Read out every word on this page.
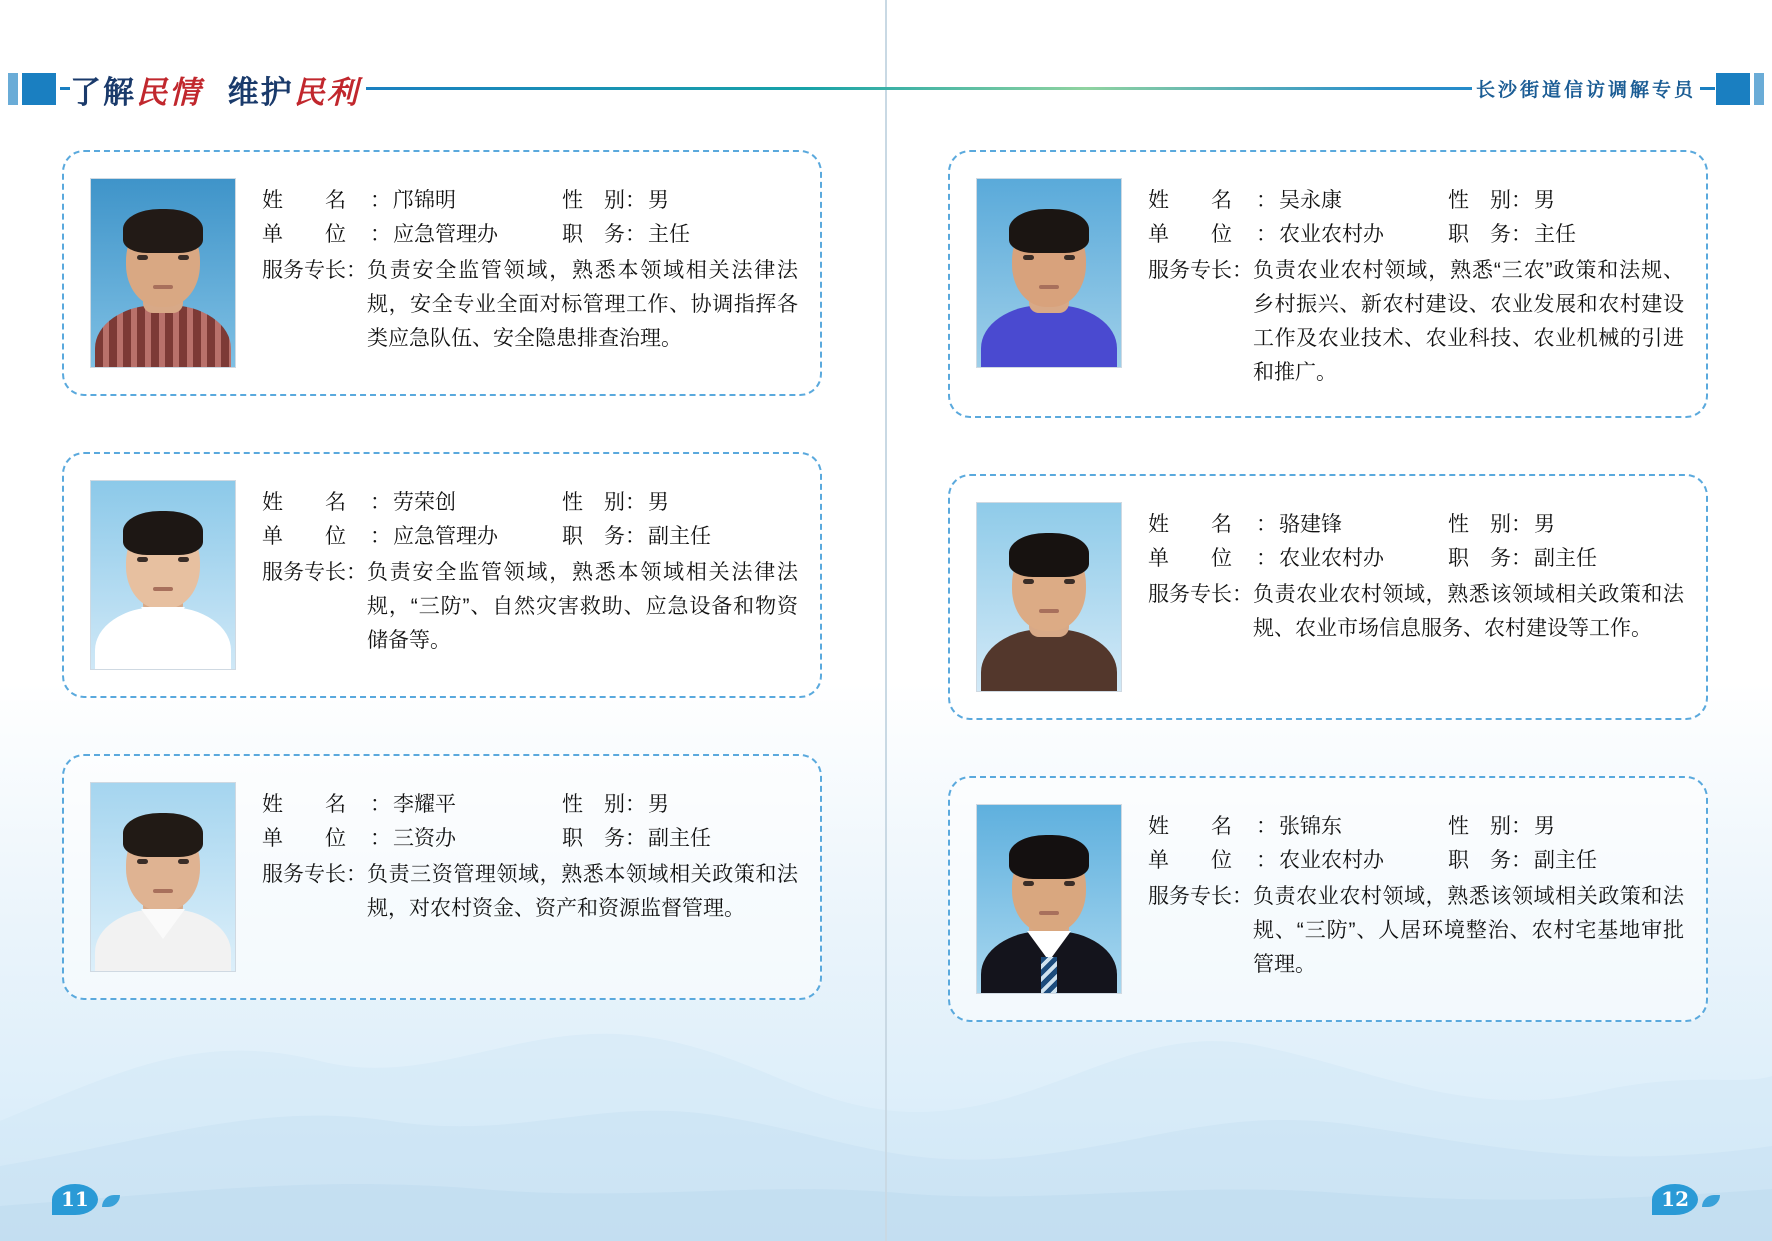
了解民情 维护民利	长沙街道信访调解专员
姓　　名	： 邝锦明	性　别 ： 男
单　　位	： 应急管理办	职　务 ： 主任
服务专长： 负责安全监管领域，熟悉本领域相关法律法规，安全专业全面对标管理工作、协调指挥各类应急队伍、安全隐患排查治理。
姓　　名	： 劳荣创	性　别 ： 男
单　　位	： 应急管理办	职　务 ： 副主任
服务专长： 负责安全监管领域，熟悉本领域相关法律法规，“三防”、自然灾害救助、应急设备和物资储备等。
姓　　名	： 李耀平	性　别 ： 男
单　　位	： 三资办	职　务 ： 副主任
服务专长： 负责三资管理领域，熟悉本领域相关政策和法规，对农村资金、资产和资源监督管理。
姓　　名	： 吴永康	性　别 ： 男
单　　位	： 农业农村办	职　务 ： 主任
服务专长： 负责农业农村领域，熟悉“三农”政策和法规、乡村振兴、新农村建设、农业发展和农村建设工作及农业技术、农业科技、农业机械的引进和推广。
姓　　名	： 骆建锋	性　别 ： 男
单　　位	： 农业农村办	职　务 ： 副主任
服务专长： 负责农业农村领域，熟悉该领域相关政策和法规、农业市场信息服务、农村建设等工作。
姓　　名	： 张锦东	性　别 ： 男
单　　位	： 农业农村办	职　务 ： 副主任
服务专长： 负责农业农村领域，熟悉该领域相关政策和法规、“三防”、人居环境整治、农村宅基地审批管理。
11	12
